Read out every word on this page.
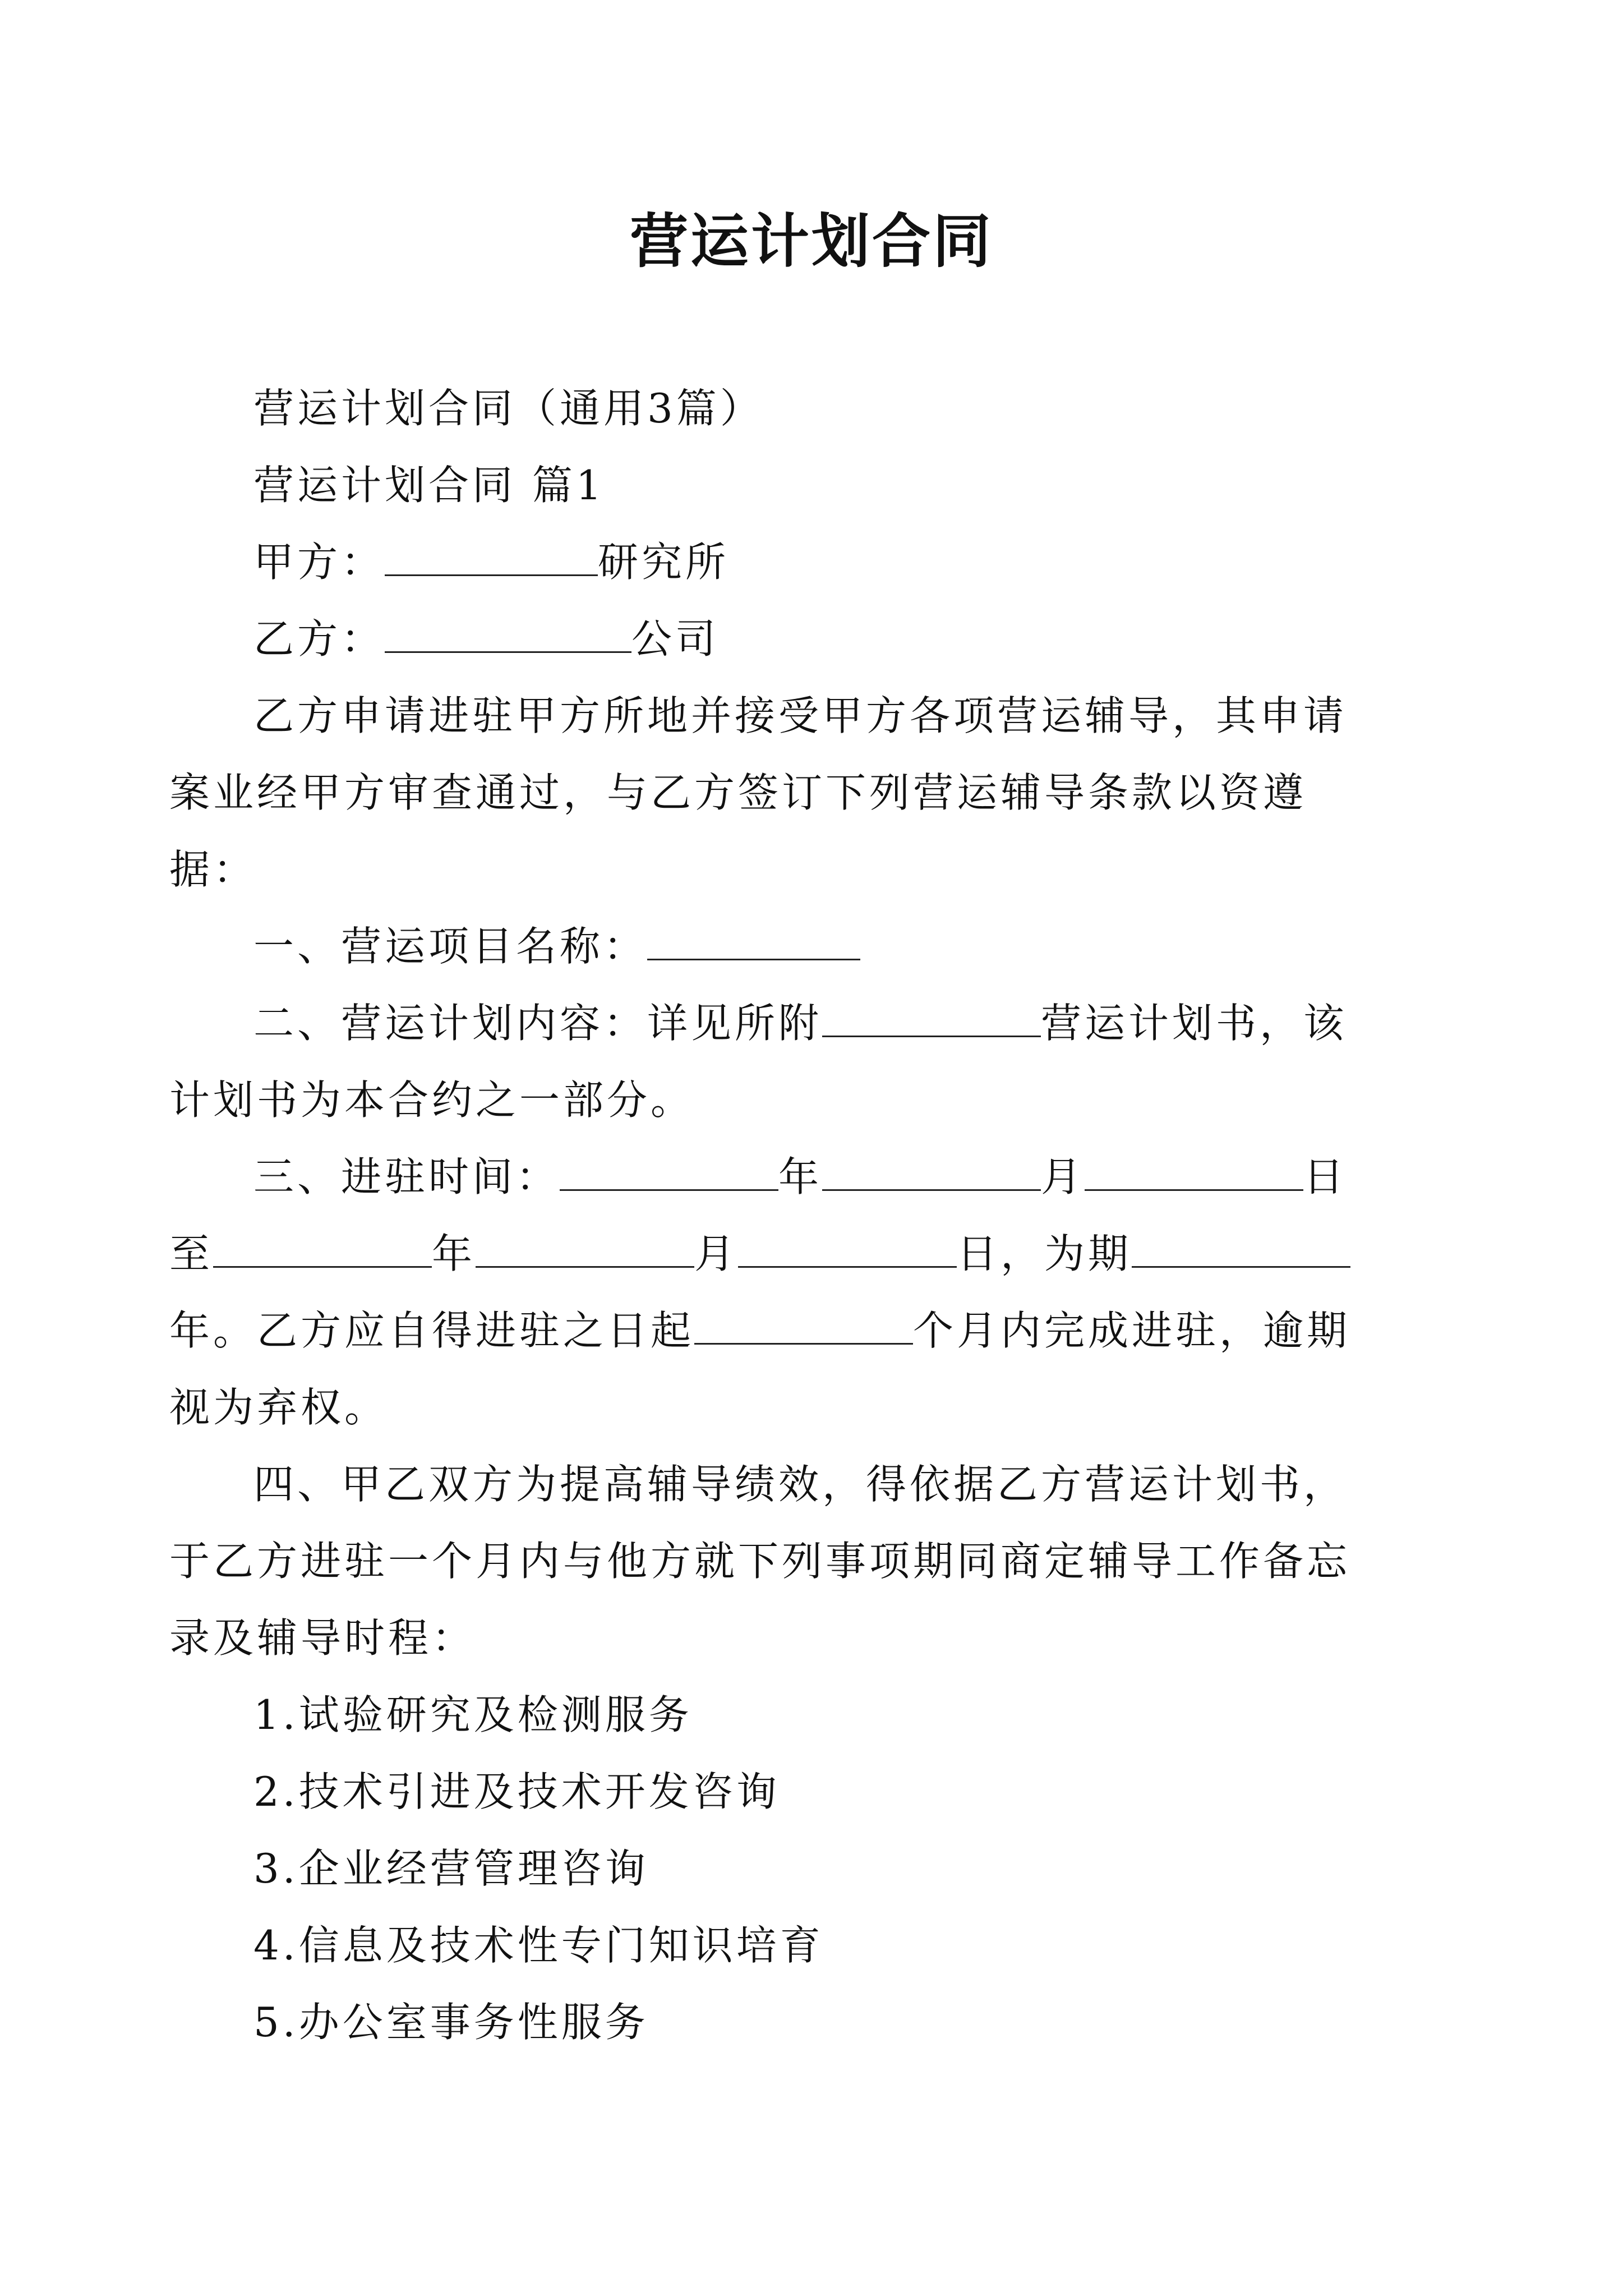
营运计划合同

营运计划合同（通用3篇）

营运计划合同 篇1

甲方：	研究所

乙方：	公司

乙方申请进驻甲方所地并接受甲方各项营运辅导，其申请案业经甲方审查通过，与乙方签订下列营运辅导条款以资遵据：

一、营运项目名称：

二、营运计划内容：详见所附	营运计划书，该计划书为本合约之一部分。

三、进驻时间：	年	月	日至	年	月	日，为期年。乙方应自得进驻之日起	个月内完成进驻，逾期视为弃权。

四、甲乙双方为提高辅导绩效，得依据乙方营运计划书，于乙方进驻一个月内与他方就下列事项期同商定辅导工作备忘录及辅导时程：

1.试验研究及检测服务

2.技术引进及技术开发咨询

3.企业经营管理咨询

4.信息及技术性专门知识培育

5.办公室事务性服务
